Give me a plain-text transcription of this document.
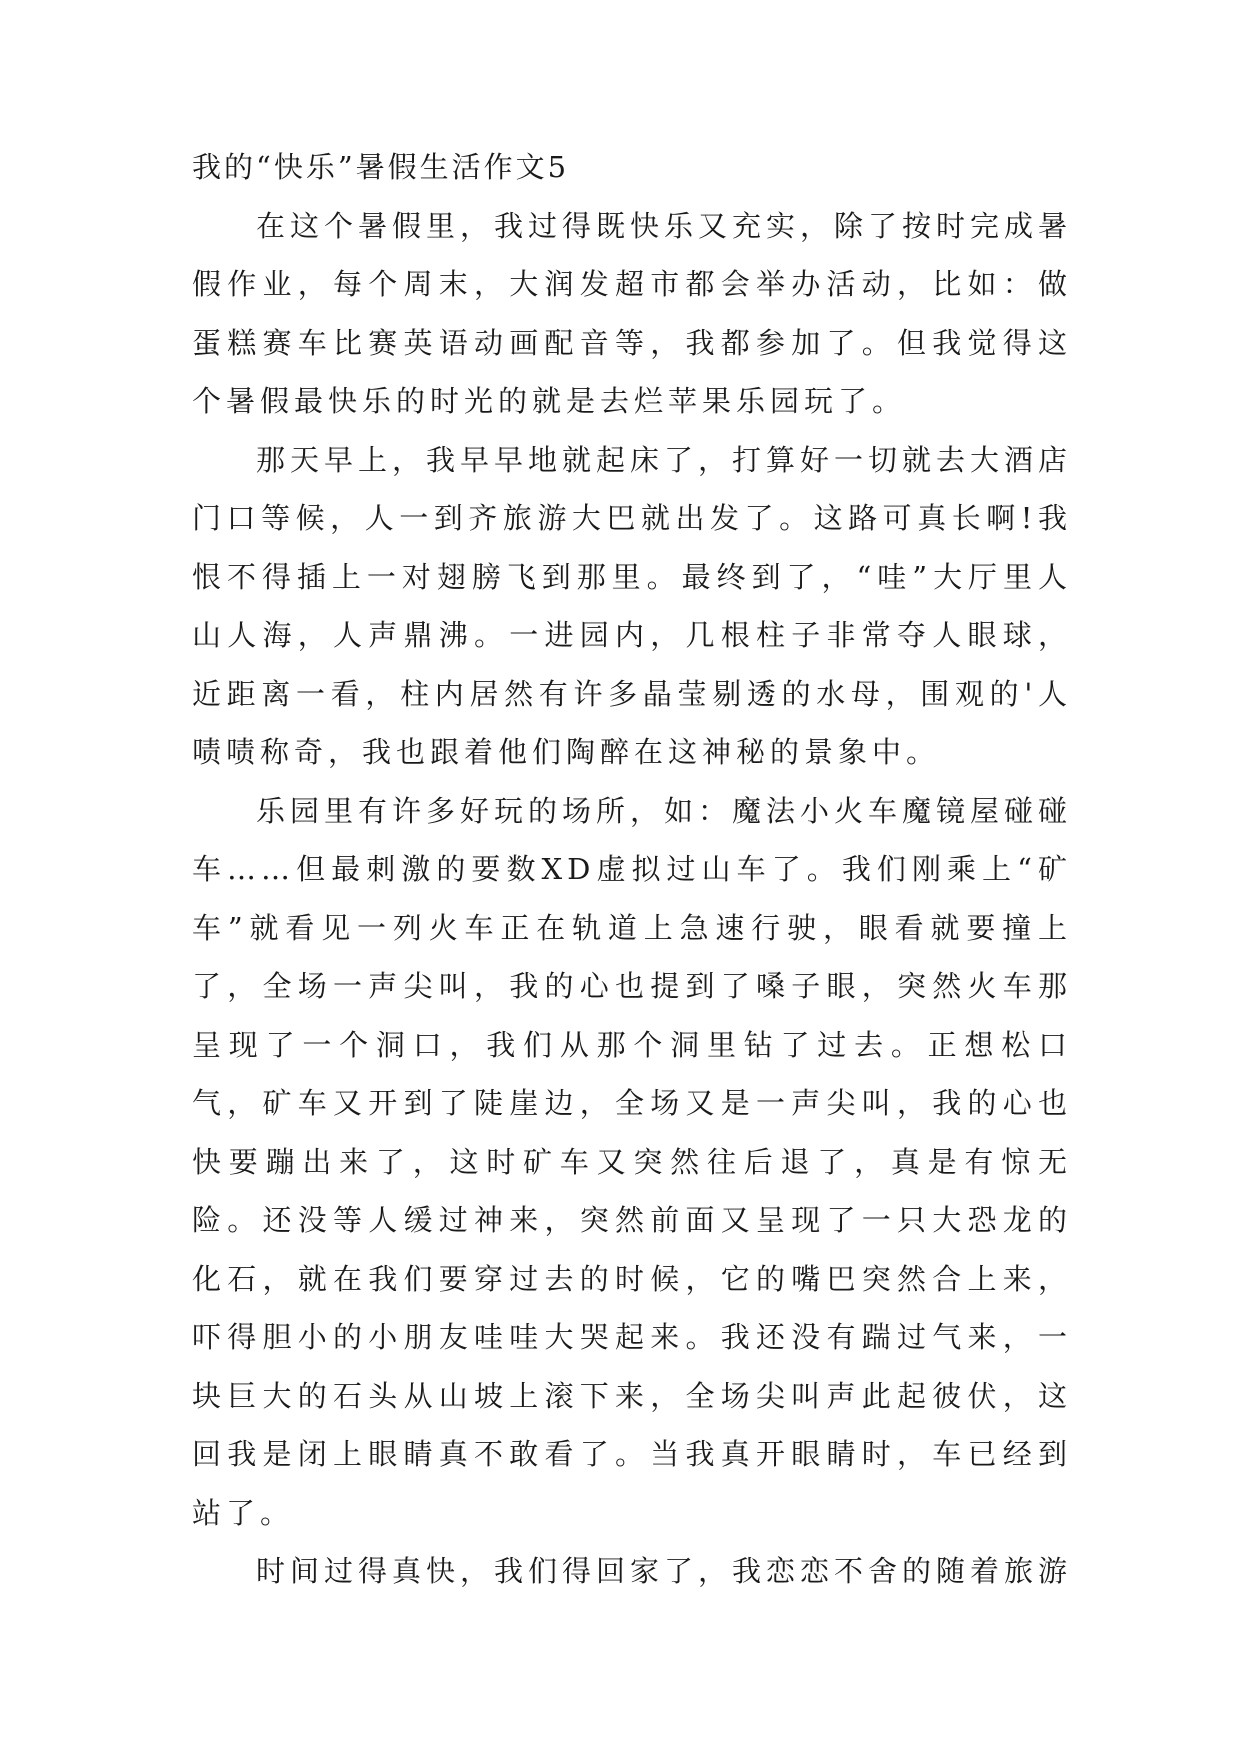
我的“快乐”暑假生活作文5

在这个暑假里，我过得既快乐又充实，除了按时完成暑假作业，每个周末，大润发超市都会举办活动，比如：做蛋糕赛车比赛英语动画配音等，我都参加了。但我觉得这个暑假最快乐的时光的就是去烂苹果乐园玩了。

那天早上，我早早地就起床了，打算好一切就去大酒店门口等候，人一到齐旅游大巴就出发了。这路可真长啊!我恨不得插上一对翅膀飞到那里。最终到了，“哇”大厅里人山人海，人声鼎沸。一进园内，几根柱子非常夺人眼球，近距离一看，柱内居然有许多晶莹剔透的水母，围观的'人啧啧称奇，我也跟着他们陶醉在这神秘的景象中。

乐园里有许多好玩的场所，如：魔法小火车魔镜屋碰碰车……但最刺激的要数XD虚拟过山车了。我们刚乘上“矿车”就看见一列火车正在轨道上急速行驶，眼看就要撞上了，全场一声尖叫，我的心也提到了嗓子眼，突然火车那呈现了一个洞口，我们从那个洞里钻了过去。正想松口气，矿车又开到了陡崖边，全场又是一声尖叫，我的心也快要蹦出来了，这时矿车又突然往后退了，真是有惊无险。还没等人缓过神来，突然前面又呈现了一只大恐龙的化石，就在我们要穿过去的时候，它的嘴巴突然合上来，吓得胆小的小朋友哇哇大哭起来。我还没有踹过气来，一块巨大的石头从山坡上滚下来，全场尖叫声此起彼伏，这回我是闭上眼睛真不敢看了。当我真开眼睛时，车已经到站了。

时间过得真快，我们得回家了，我恋恋不舍的随着旅游
